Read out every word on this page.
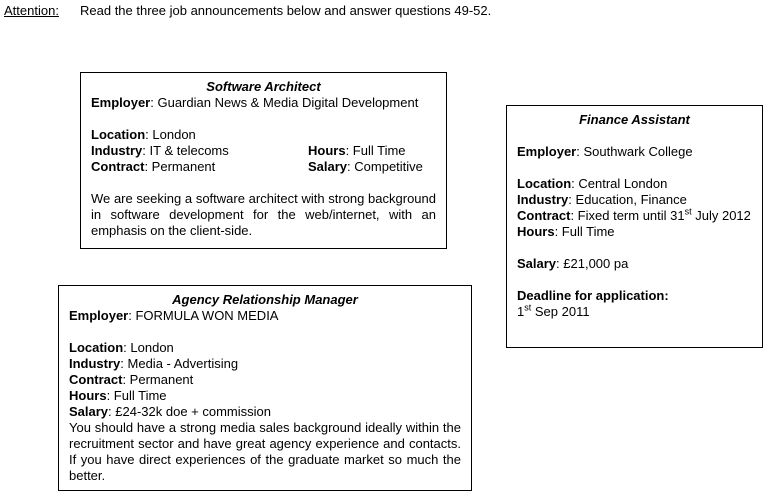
Attention: Read the three job announcements below and answer questions 49-52.
Software Architect
Employer: Guardian News & Media Digital Development
Location: London
Industry: IT & telecoms	Hours: Full Time
Contract: Permanent	Salary: Competitive
We are seeking a software architect with strong background in software development for the web/internet, with an emphasis on the client-side.
Finance Assistant
Employer: Southwark College
Location: Central London
Industry: Education, Finance
Contract: Fixed term until 31st July 2012
Hours: Full Time
Salary: £21,000 pa
Deadline for application:
1st Sep 2011
Agency Relationship Manager
Employer: FORMULA WON MEDIA
Location: London
Industry: Media - Advertising
Contract: Permanent
Hours: Full Time
Salary: £24-32k doe + commission
You should have a strong media sales background ideally within the recruitment sector and have great agency experience and contacts. If you have direct experiences of the graduate market so much the better.
